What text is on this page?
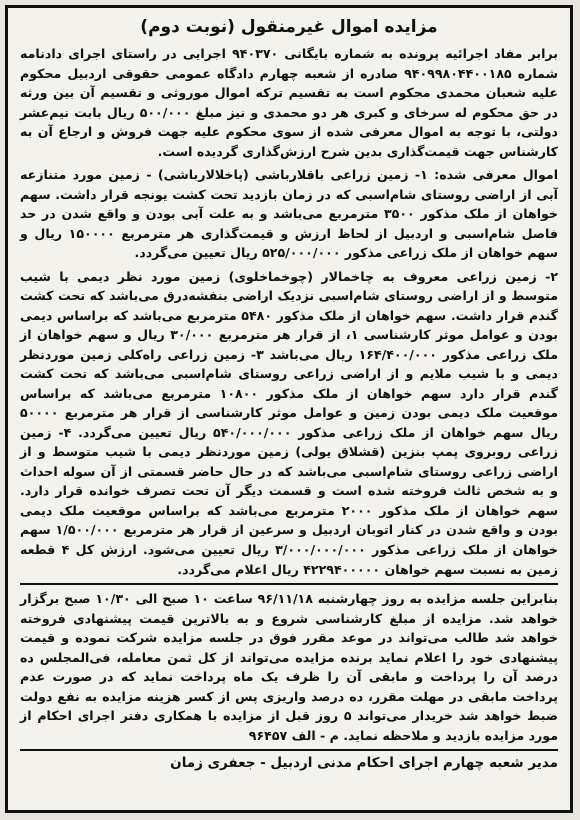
مزایده اموال غیرمنقول (نوبت دوم)

برابر مفاد اجرائیه پرونده به شماره بایگانی ۹۴۰۳۷۰ اجرایی در راستای اجرای دادنامه شماره ۹۴۰۹۹۸۰۴۴۰۰۱۸۵ صادره از شعبه چهارم دادگاه عمومی حقوقی اردبیل محکوم علیه شعبان محمدی محکوم است به تقسیم ترکه اموال موروثی و تقسیم آن بین ورثه در حق محکوم له سرخای و کبری هر دو محمدی و نیز مبلغ ۵۰۰/۰۰۰ ریال بابت نیم‌عشر دولتی، با توجه به اموال معرفی شده از سوی محکوم علیه جهت فروش و ارجاع آن به کارشناس جهت قیمت‌گذاری بدین شرح ارزش‌گذاری گردیده است.

اموال معرفی شده: ۱- زمین زراعی باقلارباشی (پاخلالارباشی) - زمین مورد متنازعه آبی از اراضی روستای شام‌اسبی که در زمان بازدید تحت کشت یونجه قرار داشت. سهم خواهان از ملک مذکور ۳۵۰۰ مترمربع می‌باشد و به علت آبی بودن و واقع شدن در حد فاصل شام‌اسبی و اردبیل از لحاظ ارزش و قیمت‌گذاری هر مترمربع ۱۵۰۰۰۰ ریال و سهم خواهان از ملک زراعی مذکور ۵۲۵/۰۰۰/۰۰۰ ریال تعیین می‌گردد.

۲- زمین زراعی معروف به چاخمالار (چوخماخلوی) زمین مورد نظر دیمی با شیب متوسط و از اراضی روستای شام‌اسبی نزدیک اراضی بنفشه‌درق می‌باشد که تحت کشت گندم قرار داشت. سهم خواهان از ملک مذکور ۵۴۸۰ مترمربع می‌باشد که براساس دیمی بودن و عوامل موثر کارشناسی ۱، از قرار هر مترمربع ۳۰/۰۰۰ ریال و سهم خواهان از ملک زراعی مذکور ۱۶۴/۴۰۰/۰۰۰ ریال می‌باشد ۳- زمین زراعی راه‌کلی زمین موردنظر دیمی و با شیب ملایم و از اراضی زراعی روستای شام‌اسبی می‌باشد که تحت کشت گندم قرار دارد سهم خواهان از ملک مذکور ۱۰۸۰۰ مترمربع می‌باشد که براساس موقعیت ملک دیمی بودن زمین و عوامل موثر کارشناسی از قرار هر مترمربع ۵۰۰۰۰ ریال سهم خواهان از ملک زراعی مذکور ۵۴۰/۰۰۰/۰۰۰ ریال تعیین می‌گردد. ۴- زمین زراعی روبروی پمپ بنزین (قشلاق یولی) زمین موردنظر دیمی با شیب متوسط و از اراضی زراعی روستای شام‌اسبی می‌باشد که در حال حاضر قسمتی از آن سوله احداث و به شخص ثالث فروخته شده است و قسمت دیگر آن تحت تصرف خوانده قرار دارد. سهم خواهان از ملک مذکور ۲۰۰۰ مترمربع می‌باشد که براساس موقعیت ملک دیمی بودن و واقع شدن در کنار اتوبان اردبیل و سرعین از قرار هر مترمربع ۱/۵۰۰/۰۰۰ سهم خواهان از ملک زراعی مذکور ۳/۰۰۰/۰۰۰/۰۰۰ ریال تعیین می‌شود. ارزش کل ۴ قطعه زمین به نسبت سهم خواهان ۴۲۲۹۴۰۰۰۰۰ ریال اعلام می‌گردد.

بنابراین جلسه مزایده به روز چهارشنبه ۹۶/۱۱/۱۸ ساعت ۱۰ صبح الی ۱۰/۳۰ صبح برگزار خواهد شد. مزایده از مبلغ کارشناسی شروع و به بالاترین قیمت پیشنهادی فروخته خواهد شد طالب می‌تواند در موعد مقرر فوق در جلسه مزایده شرکت نموده و قیمت پیشنهادی خود را اعلام نماید برنده مزایده می‌تواند از کل ثمن معامله، فی‌المجلس ده درصد آن را پرداخت و مابقی آن را ظرف یک ماه پرداخت نماید که در صورت عدم پرداخت مابقی در مهلت مقرر، ده درصد واریزی پس از کسر هزینه مزایده به نفع دولت ضبط خواهد شد خریدار می‌تواند ۵ روز قبل از مزایده با همکاری دفتر اجرای احکام از مورد مزایده بازدید و ملاحظه نماید. م - الف ۹۶۴۵۷

مدیر شعبه چهارم اجرای احکام مدنی اردبیل - جعفری زمان
